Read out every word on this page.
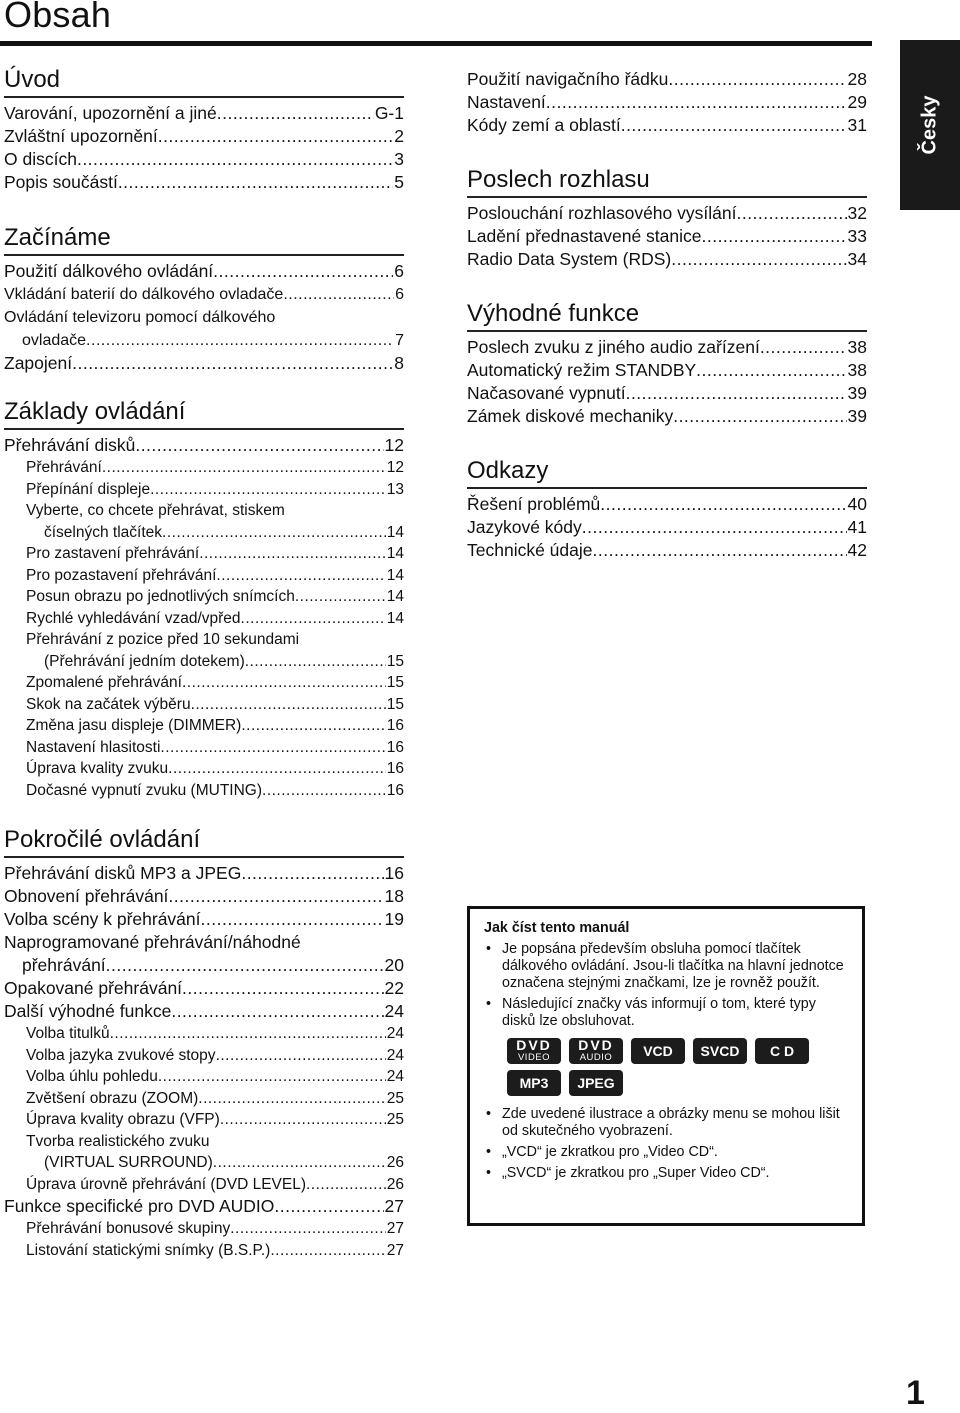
Obsah
Česky
Úvod
Varování, upozornění a jiné .....	G-1
Zvláštní upozornění .....	2
O discích .....	3
Popis součástí .....	5
Začínáme
Použití dálkového ovládání .....	6
Vkládání baterií do dálkového ovladače .....	6
Ovládání televizoru pomocí dálkového
ovladače .....	7
Zapojení .....	8
Základy ovládání
Přehrávání disků .....	12
Přehrávání .....	12
Přepínání displeje .....	13
Vyberte, co chcete přehrávat, stiskem
číselných tlačítek .....	14
Pro zastavení přehrávání .....	14
Pro pozastavení přehrávání .....	14
Posun obrazu po jednotlivých snímcích .....	14
Rychlé vyhledávání vzad/vpřed .....	14
Přehrávání z pozice před 10 sekundami
(Přehrávání jedním dotekem) .....	15
Zpomalené přehrávání .....	15
Skok na začátek výběru .....	15
Změna jasu displeje (DIMMER) .....	16
Nastavení hlasitosti .....	16
Úprava kvality zvuku .....	16
Dočasné vypnutí zvuku (MUTING) .....	16
Pokročilé ovládání
Přehrávání disků MP3 a JPEG .....	16
Obnovení přehrávání .....	18
Volba scény k přehrávání .....	19
Naprogramované přehrávání/náhodné
přehrávání .....	20
Opakované přehrávání .....	22
Další výhodné funkce .....	24
Volba titulků .....	24
Volba jazyka zvukové stopy .....	24
Volba úhlu pohledu .....	24
Zvětšení obrazu (ZOOM) .....	25
Úprava kvality obrazu (VFP) .....	25
Tvorba realistického zvuku
(VIRTUAL SURROUND) .....	26
Úprava úrovně přehrávání (DVD LEVEL) .....	26
Funkce specifické pro DVD AUDIO .....	27
Přehrávání bonusové skupiny .....	27
Listování statickými snímky (B.S.P.) .....	27
Použití navigačního řádku .....	28
Nastavení .....	29
Kódy zemí a oblastí .....	31
Poslech rozhlasu
Poslouchání rozhlasového vysílání .....	32
Ladění přednastavené stanice .....	33
Radio Data System (RDS) .....	34
Výhodné funkce
Poslech zvuku z jiného audio zařízení .....	38
Automatický režim STANDBY .....	38
Načasované vypnutí .....	39
Zámek diskové mechaniky .....	39
Odkazy
Řešení problémů .....	40
Jazykové kódy .....	41
Technické údaje .....	42
Jak číst tento manuál
• Je popsána především obsluha pomocí tlačítek dálkového ovládání. Jsou-li tlačítka na hlavní jednotce označena stejnými značkami, lze je rovněž použít.
• Následující značky vás informují o tom, které typy disků lze obsluhovat.
DVD
VIDEO
DVD
AUDIO VCD SVCD C D
MP3 JPEG
• Zde uvedené ilustrace a obrázky menu se mohou lišit od skutečného vyobrazení.
• „VCD“ je zkratkou pro „Video CD“.
• „SVCD“ je zkratkou pro „Super Video CD“.
1
